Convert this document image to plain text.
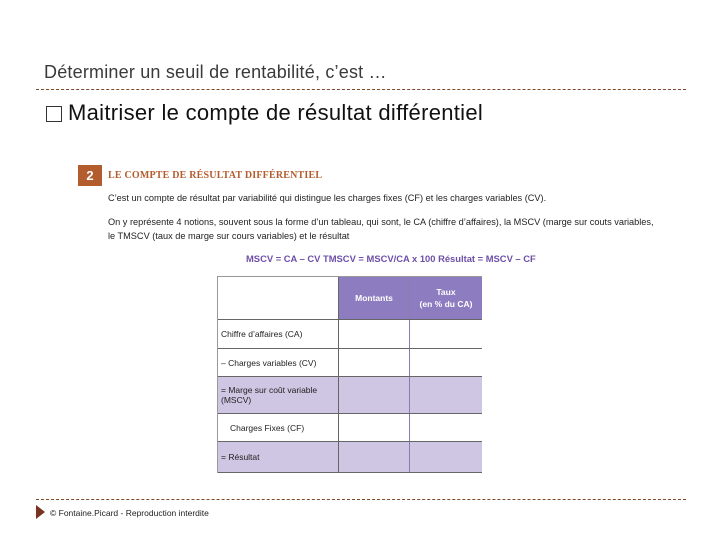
Déterminer un seuil de rentabilité, c’est …
Maitriser le compte de résultat différentiel
2	LE COMPTE DE RÉSULTAT DIFFÉRENTIEL
C’est un compte de résultat par variabilité qui distingue les charges fixes (CF) et les charges variables (CV).
On y représente 4 notions, souvent sous la forme d’un tableau, qui sont, le CA (chiffre d’affaires), la MSCV (marge sur couts variables,
le TMSCV (taux de marge sur cours variables) et le résultat
MSCV = CA – CV TMSCV = MSCV/CA x 100 Résultat = MSCV – CF
Montants
Taux
(en % du CA)
Chiffre d’affaires (CA)
– Charges variables (CV)
= Marge sur coût variable (MSCV)
Charges Fixes (CF)
= Résultat
© Fontaine.Picard - Reproduction interdite
